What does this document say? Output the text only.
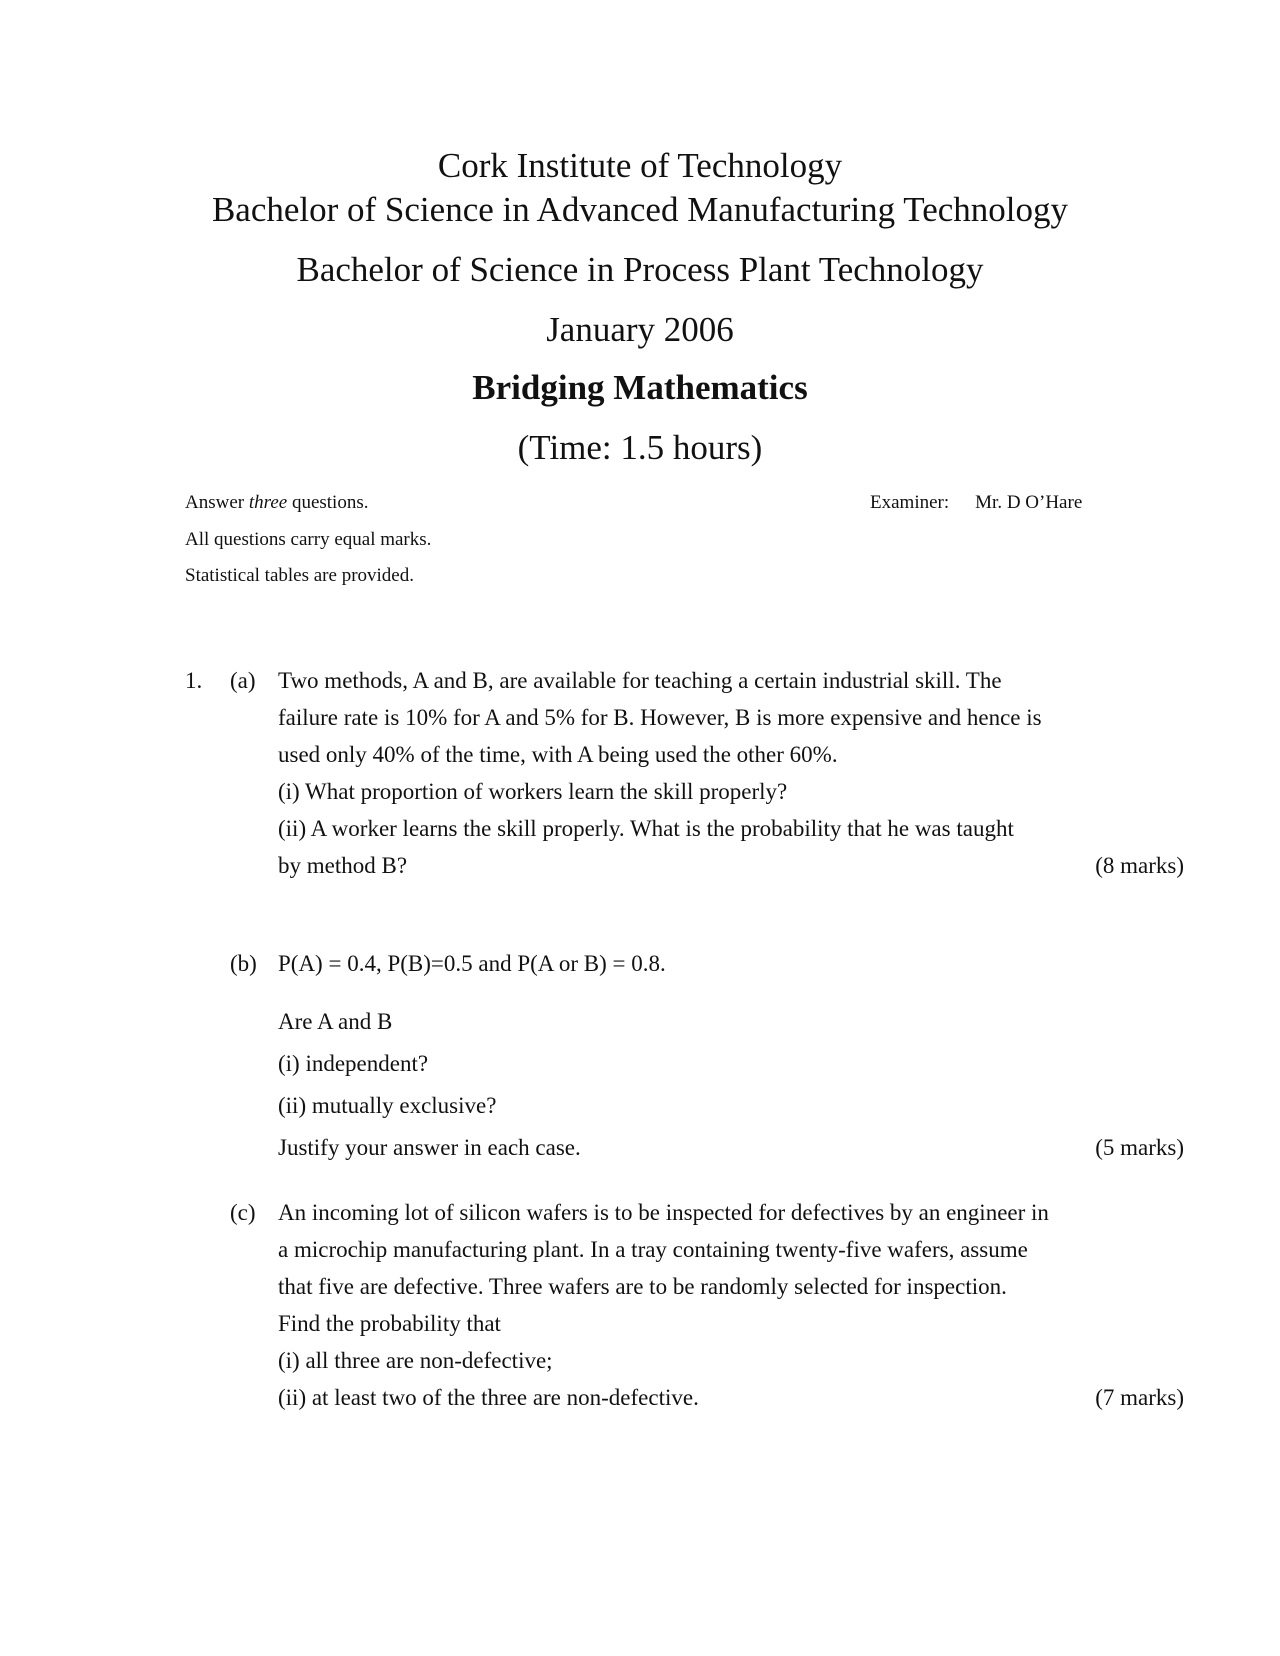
Cork Institute of Technology
Bachelor of Science in Advanced Manufacturing Technology
Bachelor of Science in Process Plant Technology
January 2006
Bridging Mathematics
(Time: 1.5 hours)
Answer three questions.
All questions carry equal marks.
Statistical tables are provided.
Examiner: Mr. D O’Hare
1. (a) Two methods, A and B, are available for teaching a certain industrial skill. The
failure rate is 10% for A and 5% for B. However, B is more expensive and hence is
used only 40% of the time, with A being used the other 60%.
(i) What proportion of workers learn the skill properly?
(ii) A worker learns the skill properly. What is the probability that he was taught
by method B?	(8 marks)
(b) P(A) = 0.4, P(B)=0.5 and P(A or B) = 0.8.
Are A and B
(i) independent?
(ii) mutually exclusive?
Justify your answer in each case.	(5 marks)
(c) An incoming lot of silicon wafers is to be inspected for defectives by an engineer in
a microchip manufacturing plant. In a tray containing twenty-five wafers, assume
that five are defective. Three wafers are to be randomly selected for inspection.
Find the probability that
(i) all three are non-defective;
(ii) at least two of the three are non-defective.	(7 marks)
